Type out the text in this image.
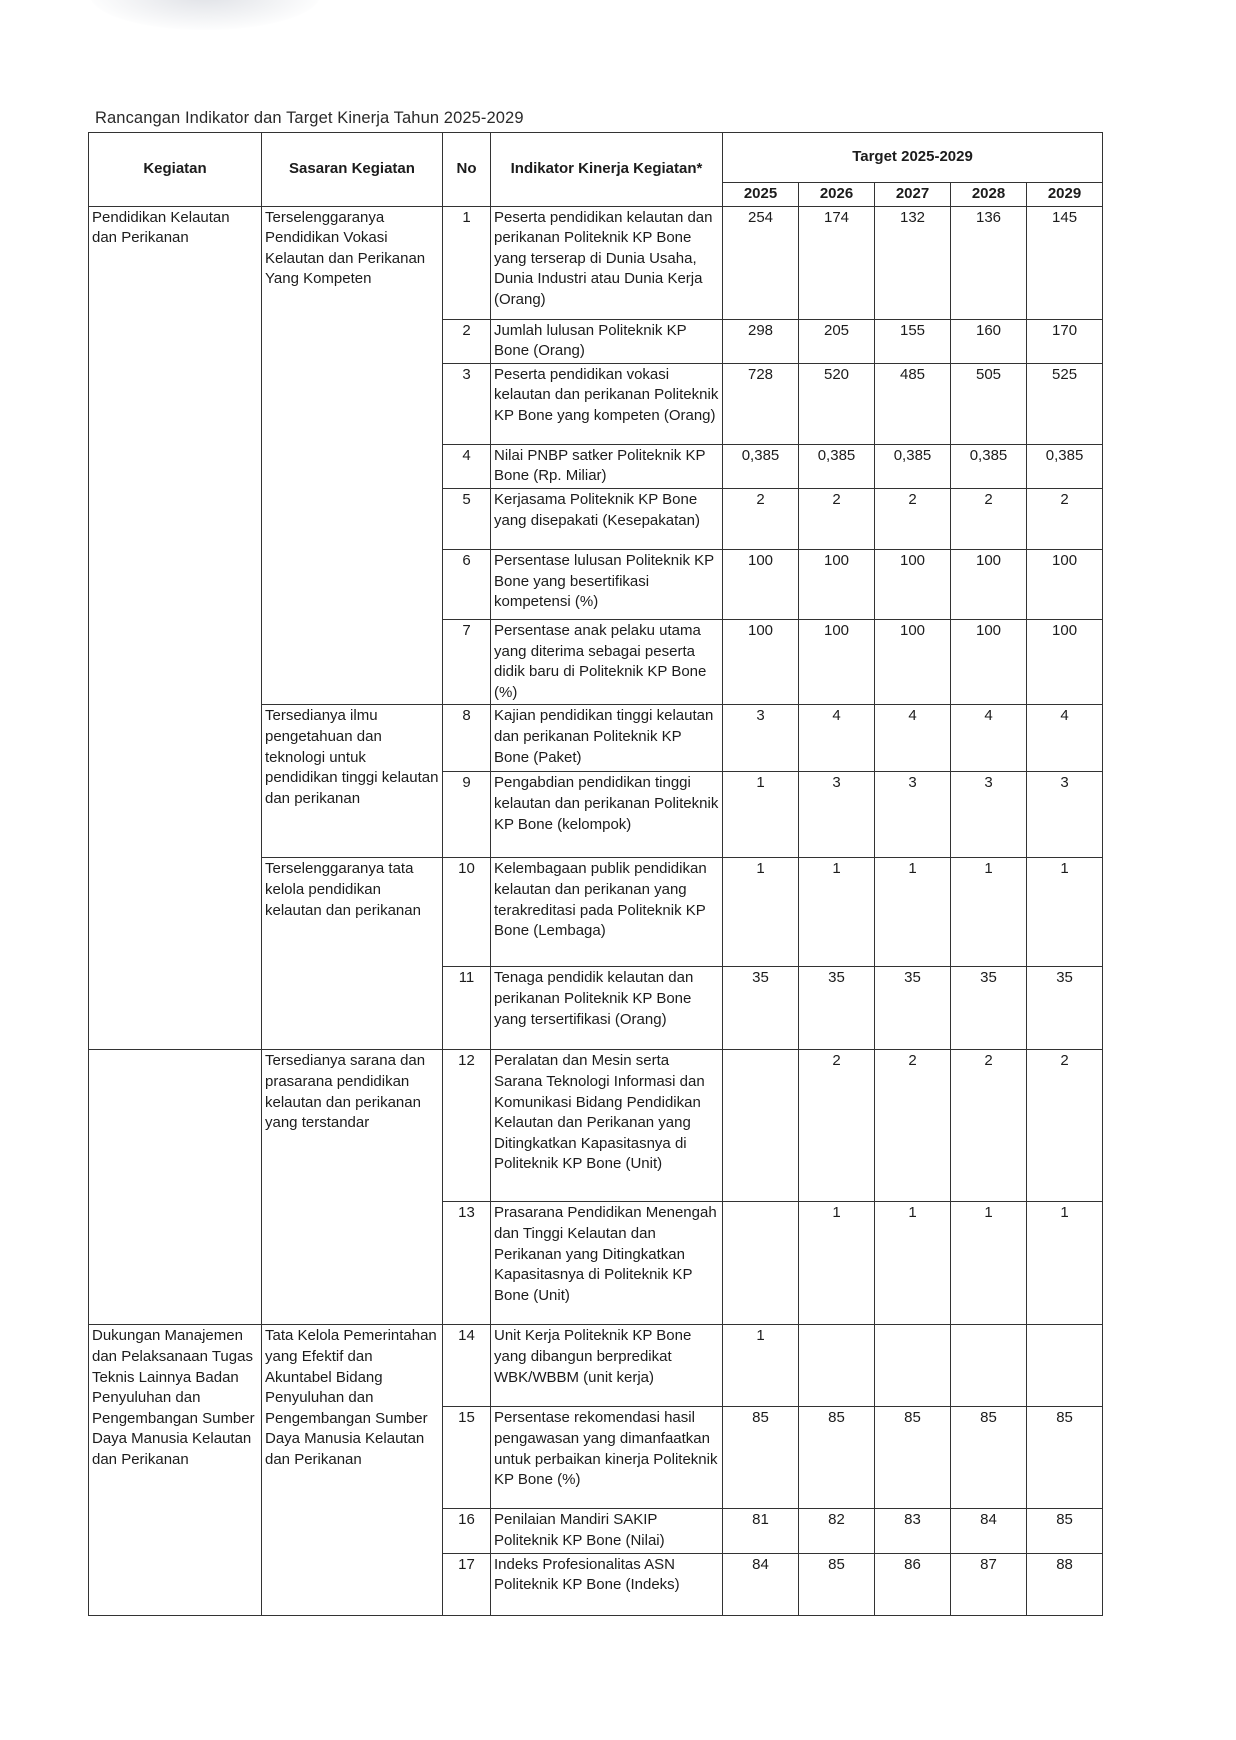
Rancangan Indikator dan Target Kinerja Tahun 2025-2029
Kegiatan	Sasaran Kegiatan	No	Indikator Kinerja Kegiatan*	Target 2025-2029				
				2025	2026	2027	2028	2029
Pendidikan Kelautan dan Perikanan	Terselenggaranya Pendidikan Vokasi Kelautan dan Perikanan Yang Kompeten	1	Peserta pendidikan kelautan dan perikanan Politeknik KP Bone yang terserap di Dunia Usaha, Dunia Industri atau Dunia Kerja (Orang)	254	174	132	136	145
		2	Jumlah lulusan Politeknik KP Bone (Orang)	298	205	155	160	170
		3	Peserta pendidikan vokasi kelautan dan perikanan Politeknik KP Bone yang kompeten (Orang)	728	520	485	505	525
		4	Nilai PNBP satker Politeknik KP Bone (Rp. Miliar)	0,385	0,385	0,385	0,385	0,385
		5	Kerjasama Politeknik KP Bone yang disepakati (Kesepakatan)	2	2	2	2	2
		6	Persentase lulusan Politeknik KP Bone yang besertifikasi kompetensi (%)	100	100	100	100	100
		7	Persentase anak pelaku utama yang diterima sebagai peserta didik baru di Politeknik KP Bone (%)	100	100	100	100	100
	Tersedianya ilmu pengetahuan dan teknologi untuk pendidikan tinggi kelautan dan perikanan	8	Kajian pendidikan tinggi kelautan dan perikanan Politeknik KP Bone (Paket)	3	4	4	4	4
		9	Pengabdian pendidikan tinggi kelautan dan perikanan Politeknik KP Bone (kelompok)	1	3	3	3	3
	Terselenggaranya tata kelola pendidikan kelautan dan perikanan	10	Kelembagaan publik pendidikan kelautan dan perikanan yang terakreditasi pada Politeknik KP Bone (Lembaga)	1	1	1	1	1
		11	Tenaga pendidik kelautan dan perikanan Politeknik KP Bone yang tersertifikasi (Orang)	35	35	35	35	35
	Tersedianya sarana dan prasarana pendidikan kelautan dan perikanan yang terstandar	12	Peralatan dan Mesin serta Sarana Teknologi Informasi dan Komunikasi Bidang Pendidikan Kelautan dan Perikanan yang Ditingkatkan Kapasitasnya di Politeknik KP Bone (Unit)		2	2	2	2
		13	Prasarana Pendidikan Menengah dan Tinggi Kelautan dan Perikanan yang Ditingkatkan Kapasitasnya di Politeknik KP Bone (Unit)		1	1	1	1
Dukungan Manajemen dan Pelaksanaan Tugas Teknis Lainnya Badan Penyuluhan dan Pengembangan Sumber Daya Manusia Kelautan dan Perikanan	Tata Kelola Pemerintahan yang Efektif dan Akuntabel Bidang Penyuluhan dan Pengembangan Sumber Daya Manusia Kelautan dan Perikanan	14	Unit Kerja Politeknik KP Bone yang dibangun berpredikat WBK/WBBM (unit kerja)	1				
		15	Persentase rekomendasi hasil pengawasan yang dimanfaatkan untuk perbaikan kinerja Politeknik KP Bone (%)	85	85	85	85	85
		16	Penilaian Mandiri SAKIP Politeknik KP Bone (Nilai)	81	82	83	84	85
		17	Indeks Profesionalitas ASN Politeknik KP Bone (Indeks)	84	85	86	87	88
